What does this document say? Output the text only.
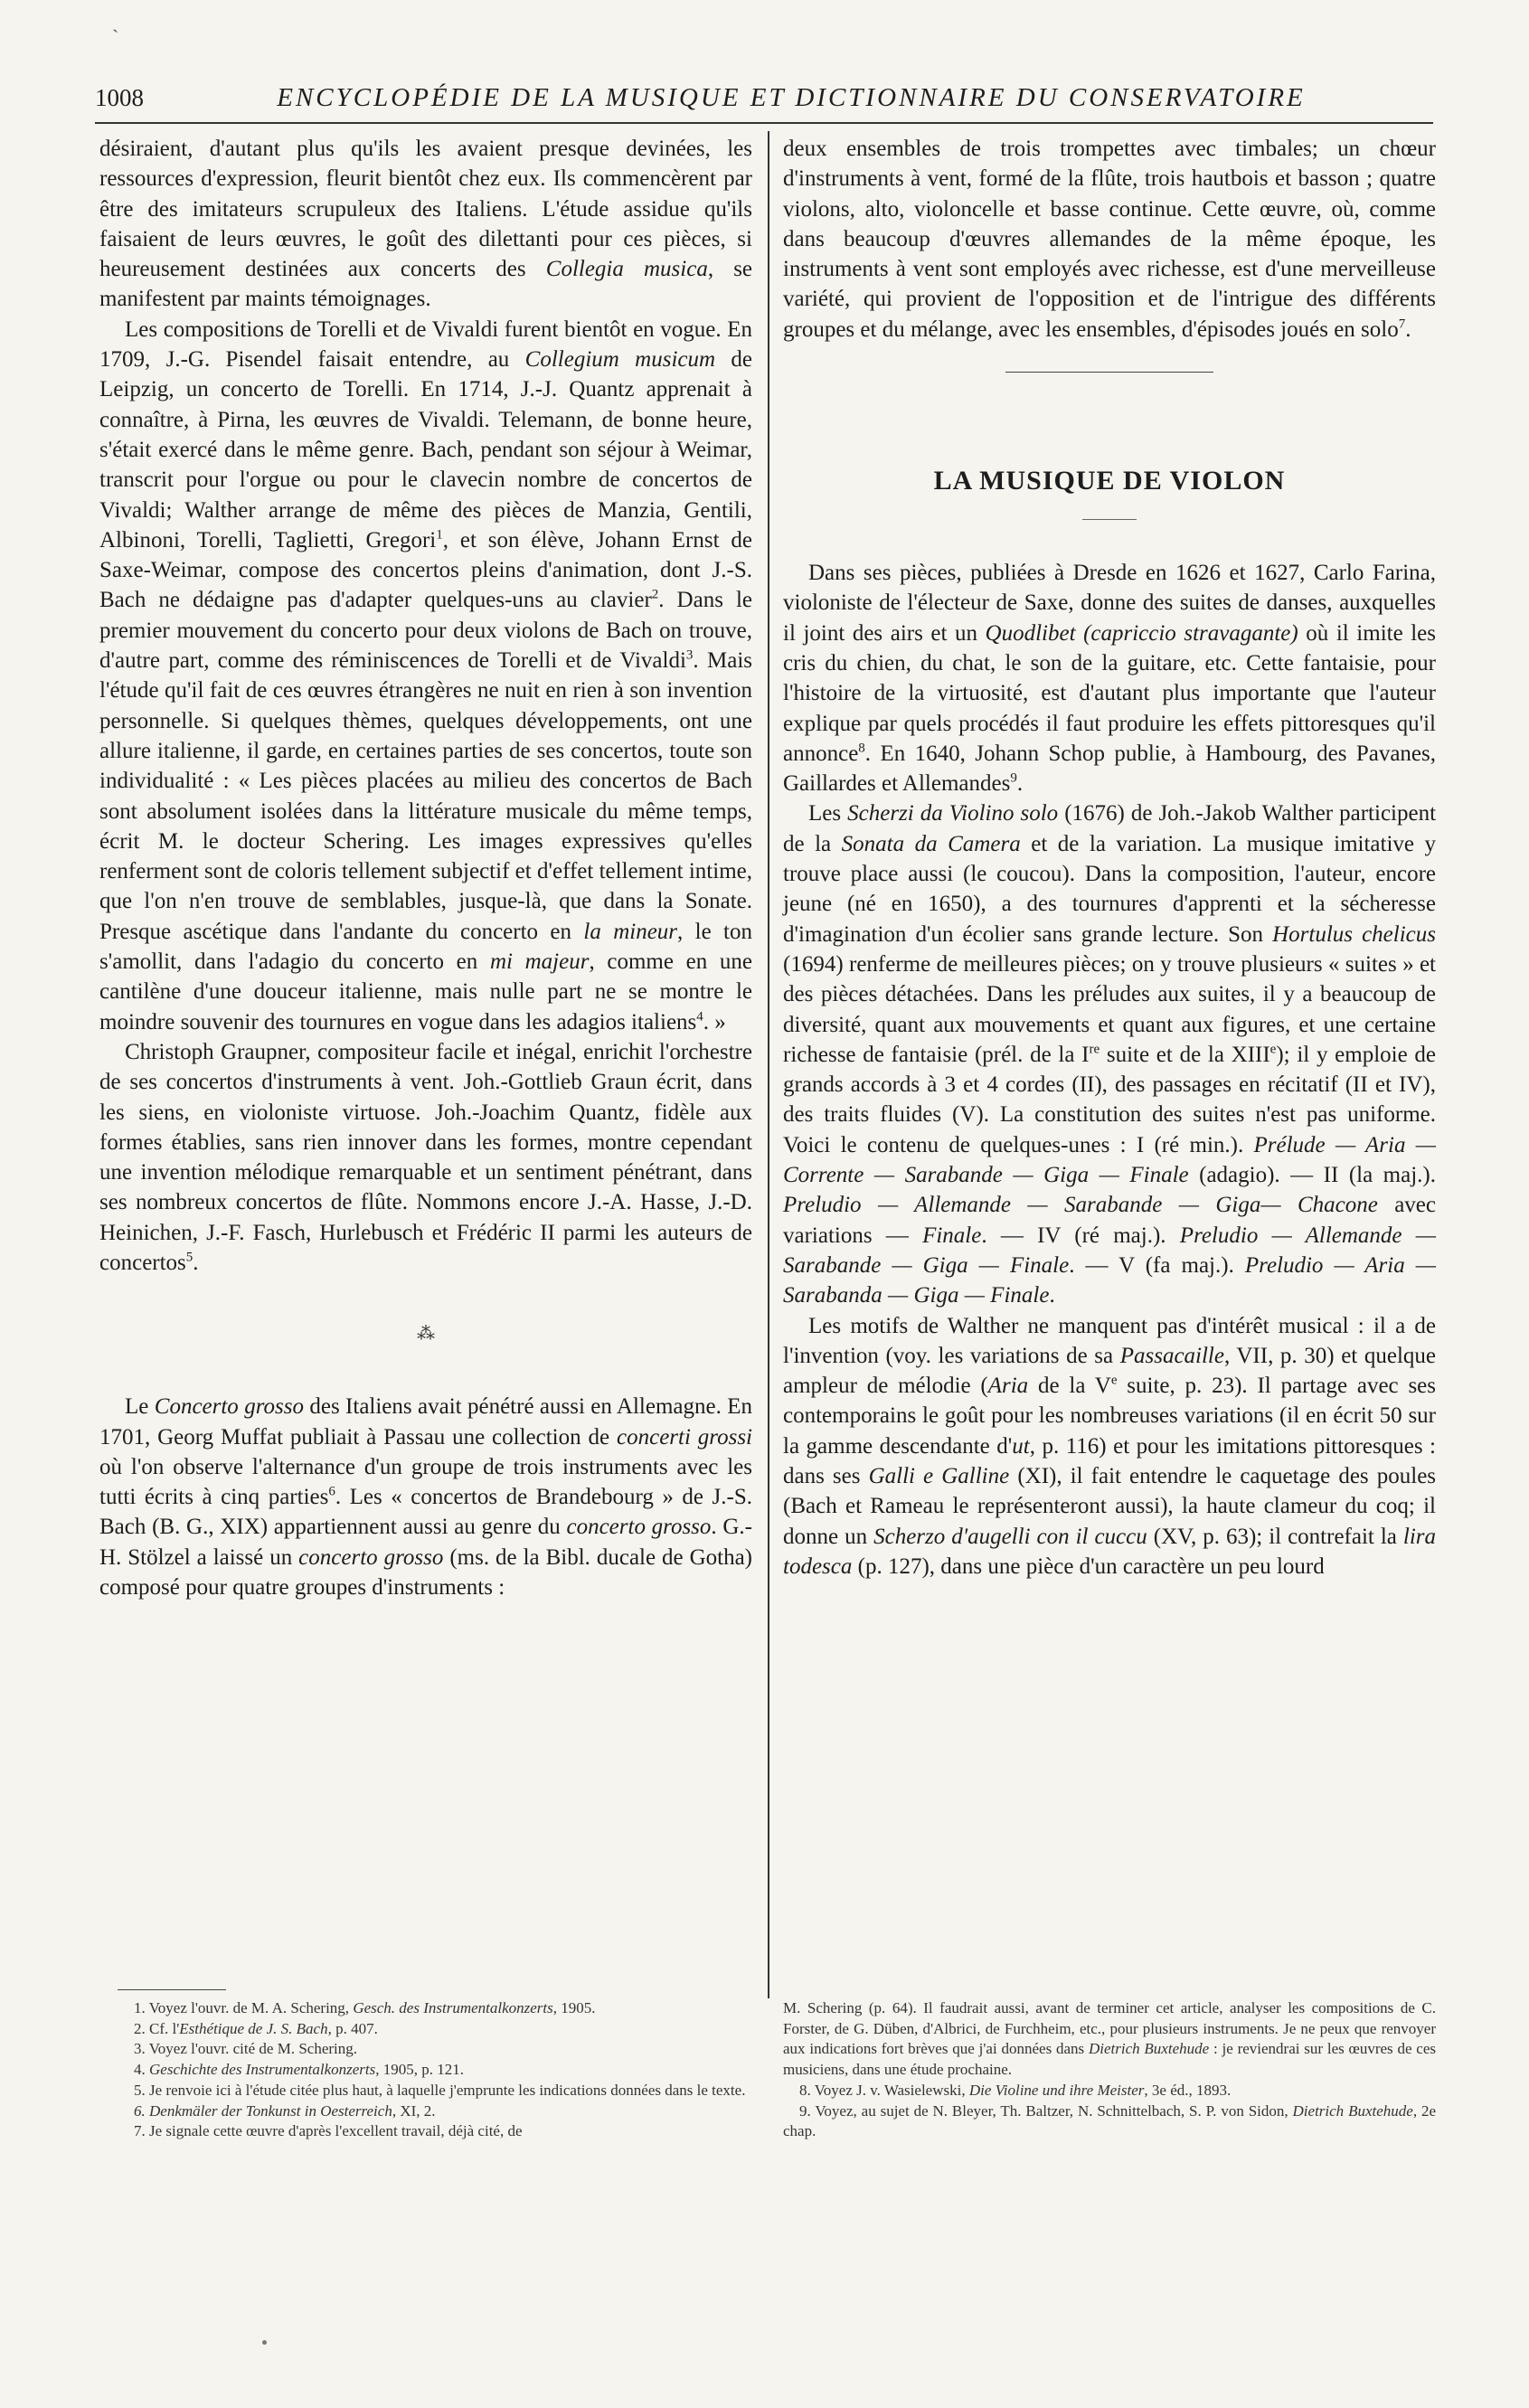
`
1008	ENCYCLOPÉDIE DE LA MUSIQUE ET DICTIONNAIRE DU CONSERVATOIRE

désiraient, d'autant plus qu'ils les avaient presque devinées, les ressources d'expression, fleurit bientôt chez eux. Ils commencèrent par être des imitateurs scrupuleux des Italiens. L'étude assidue qu'ils faisaient de leurs œuvres, le goût des dilettanti pour ces pièces, si heureusement destinées aux concerts des Collegia musica, se manifestent par maints témoignages.

Les compositions de Torelli et de Vivaldi furent bientôt en vogue. En 1709, J.-G. Pisendel faisait entendre, au Collegium musicum de Leipzig, un concerto de Torelli. En 1714, J.-J. Quantz apprenait à connaître, à Pirna, les œuvres de Vivaldi. Telemann, de bonne heure, s'était exercé dans le même genre. Bach, pendant son séjour à Weimar, transcrit pour l'orgue ou pour le clavecin nombre de concertos de Vivaldi; Walther arrange de même des pièces de Manzia, Gentili, Albinoni, Torelli, Taglietti, Gregori$^1$, et son élève, Johann Ernst de Saxe-Weimar, compose des concertos pleins d'animation, dont J.-S. Bach ne dédaigne pas d'adapter quelques-uns au clavier$^2$. Dans le premier mouvement du concerto pour deux violons de Bach on trouve, d'autre part, comme des réminiscences de Torelli et de Vivaldi$^3$. Mais l'étude qu'il fait de ces œuvres étrangères ne nuit en rien à son invention personnelle. Si quelques thèmes, quelques développements, ont une allure italienne, il garde, en certaines parties de ses concertos, toute son individualité : « Les pièces placées au milieu des concertos de Bach sont absolument isolées dans la littérature musicale du même temps, écrit M. le docteur Schering. Les images expressives qu'elles renferment sont de coloris tellement subjectif et d'effet tellement intime, que l'on n'en trouve de semblables, jusque-là, que dans la Sonate. Presque ascétique dans l'andante du concerto en la mineur, le ton s'amollit, dans l'adagio du concerto en mi majeur, comme en une cantilène d'une douceur italienne, mais nulle part ne se montre le moindre souvenir des tournures en vogue dans les adagios italiens$^4$. »

Christoph Graupner, compositeur facile et inégal, enrichit l'orchestre de ses concertos d'instruments à vent. Joh.-Gottlieb Graun écrit, dans les siens, en violoniste virtuose. Joh.-Joachim Quantz, fidèle aux formes établies, sans rien innover dans les formes, montre cependant une invention mélodique remarquable et un sentiment pénétrant, dans ses nombreux concertos de flûte. Nommons encore J.-A. Hasse, J.-D. Heinichen, J.-F. Fasch, Hurlebusch et Frédéric II parmi les auteurs de concertos$^5$.

⁂

Le Concerto grosso des Italiens avait pénétré aussi en Allemagne. En 1701, Georg Muffat publiait à Passau une collection de concerti grossi où l'on observe l'alternance d'un groupe de trois instruments avec les tutti écrits à cinq parties$^6$. Les « concertos de Brandebourg » de J.-S. Bach (B. G., XIX) appartiennent aussi au genre du concerto grosso. G.-H. Stölzel a laissé un concerto grosso (ms. de la Bibl. ducale de Gotha) composé pour quatre groupes d'instruments :

deux ensembles de trois trompettes avec timbales; un chœur d'instruments à vent, formé de la flûte, trois hautbois et basson ; quatre violons, alto, violoncelle et basse continue. Cette œuvre, où, comme dans beaucoup d'œuvres allemandes de la même époque, les instruments à vent sont employés avec richesse, est d'une merveilleuse variété, qui provient de l'opposition et de l'intrigue des différents groupes et du mélange, avec les ensembles, d'épisodes joués en solo$^7$.

LA MUSIQUE DE VIOLON

Dans ses pièces, publiées à Dresde en 1626 et 1627, Carlo Farina, violoniste de l'électeur de Saxe, donne des suites de danses, auxquelles il joint des airs et un Quodlibet (capriccio stravagante) où il imite les cris du chien, du chat, le son de la guitare, etc. Cette fantaisie, pour l'histoire de la virtuosité, est d'autant plus importante que l'auteur explique par quels procédés il faut produire les effets pittoresques qu'il annonce$^8$. En 1640, Johann Schop publie, à Hambourg, des Pavanes, Gaillardes et Allemandes$^9$.

Les Scherzi da Violino solo (1676) de Joh.-Jakob Walther participent de la Sonata da Camera et de la variation. La musique imitative y trouve place aussi (le coucou). Dans la composition, l'auteur, encore jeune (né en 1650), a des tournures d'apprenti et la sécheresse d'imagination d'un écolier sans grande lecture. Son Hortulus chelicus (1694) renferme de meilleures pièces; on y trouve plusieurs « suites » et des pièces détachées. Dans les préludes aux suites, il y a beaucoup de diversité, quant aux mouvements et quant aux figures, et une certaine richesse de fantaisie (prél. de la Ire suite et de la XIIIe); il y emploie de grands accords à 3 et 4 cordes (II), des passages en récitatif (II et IV), des traits fluides (V). La constitution des suites n'est pas uniforme. Voici le contenu de quelques-unes : I (ré min.). Prélude — Aria — Corrente — Sarabande — Giga — Finale (adagio). — II (la maj.). Preludio — Allemande — Sarabande — Giga— Chacone avec variations — Finale. — IV (ré maj.). Preludio — Allemande — Sarabande — Giga — Finale. — V (fa maj.). Preludio — Aria — Sarabanda — Giga — Finale.

Les motifs de Walther ne manquent pas d'intérêt musical : il a de l'invention (voy. les variations de sa Passacaille, VII, p. 30) et quelque ampleur de mélodie (Aria de la Ve suite, p. 23). Il partage avec ses contemporains le goût pour les nombreuses variations (il en écrit 50 sur la gamme descendante d'ut, p. 116) et pour les imitations pittoresques : dans ses Galli e Galline (XI), il fait entendre le caquetage des poules (Bach et Rameau le représenteront aussi), la haute clameur du coq; il donne un Scherzo d'augelli con il cuccu (XV, p. 63); il contrefait la lira todesca (p. 127), dans une pièce d'un caractère un peu lourd

1. Voyez l'ouvr. de M. A. Schering, Gesch. des Instrumentalkonzerts, 1905.

2. Cf. l'Esthétique de J. S. Bach, p. 407.

3. Voyez l'ouvr. cité de M. Schering.

4. Geschichte des Instrumentalkonzerts, 1905, p. 121.

5. Je renvoie ici à l'étude citée plus haut, à laquelle j'emprunte les indications données dans le texte.

6. Denkmäler der Tonkunst in Oesterreich, XI, 2.

7. Je signale cette œuvre d'après l'excellent travail, déjà cité, de

M. Schering (p. 64). Il faudrait aussi, avant de terminer cet article, analyser les compositions de C. Forster, de G. Düben, d'Albrici, de Furchheim, etc., pour plusieurs instruments. Je ne peux que renvoyer aux indications fort brèves que j'ai données dans Dietrich Buxtehude : je reviendrai sur les œuvres de ces musiciens, dans une étude prochaine.

8. Voyez J. v. Wasielewski, Die Violine und ihre Meister, 3e éd., 1893.

9. Voyez, au sujet de N. Bleyer, Th. Baltzer, N. Schnittelbach, S. P. von Sidon, Dietrich Buxtehude, 2e chap.
